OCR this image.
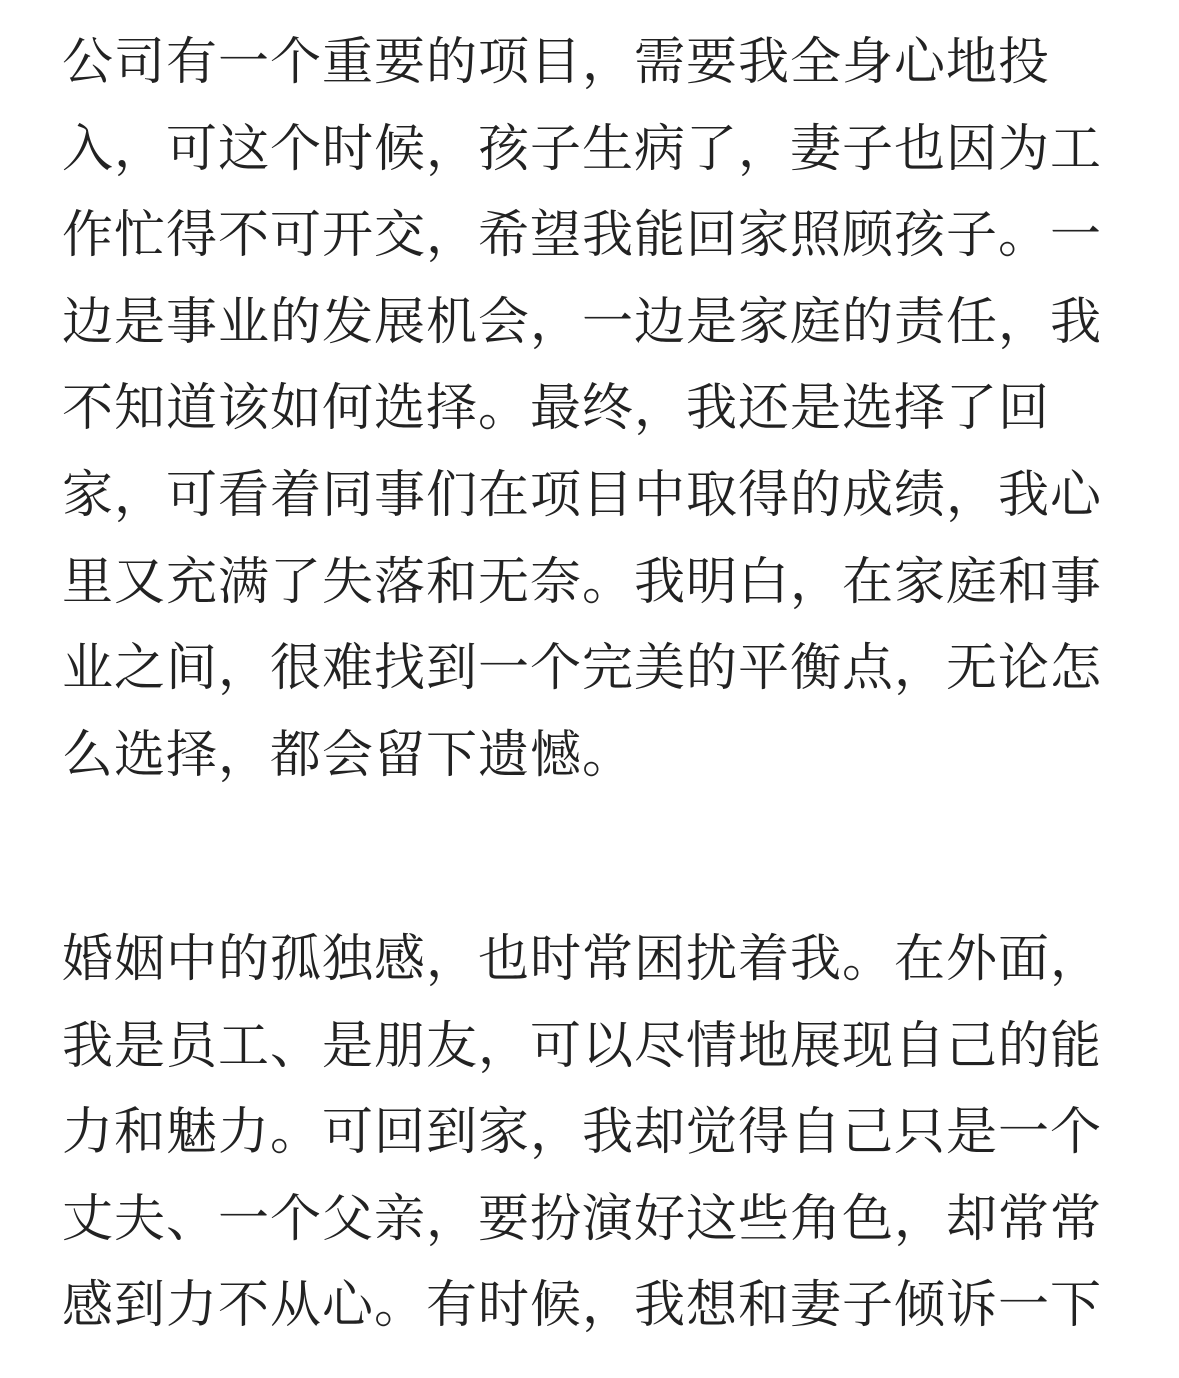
公司有一个重要的项目，需要我全身心地投
入，可这个时候，孩子生病了，妻子也因为工
作忙得不可开交，希望我能回家照顾孩子。一
边是事业的发展机会，一边是家庭的责任，我
不知道该如何选择。最终，我还是选择了回
家，可看着同事们在项目中取得的成绩，我心
里又充满了失落和无奈。我明白，在家庭和事
业之间，很难找到一个完美的平衡点，无论怎
么选择，都会留下遗憾。
婚姻中的孤独感，也时常困扰着我。在外面，
我是员工、是朋友，可以尽情地展现自己的能
力和魅力。可回到家，我却觉得自己只是一个
丈夫、一个父亲，要扮演好这些角色，却常常
感到力不从心。有时候，我想和妻子倾诉一下
